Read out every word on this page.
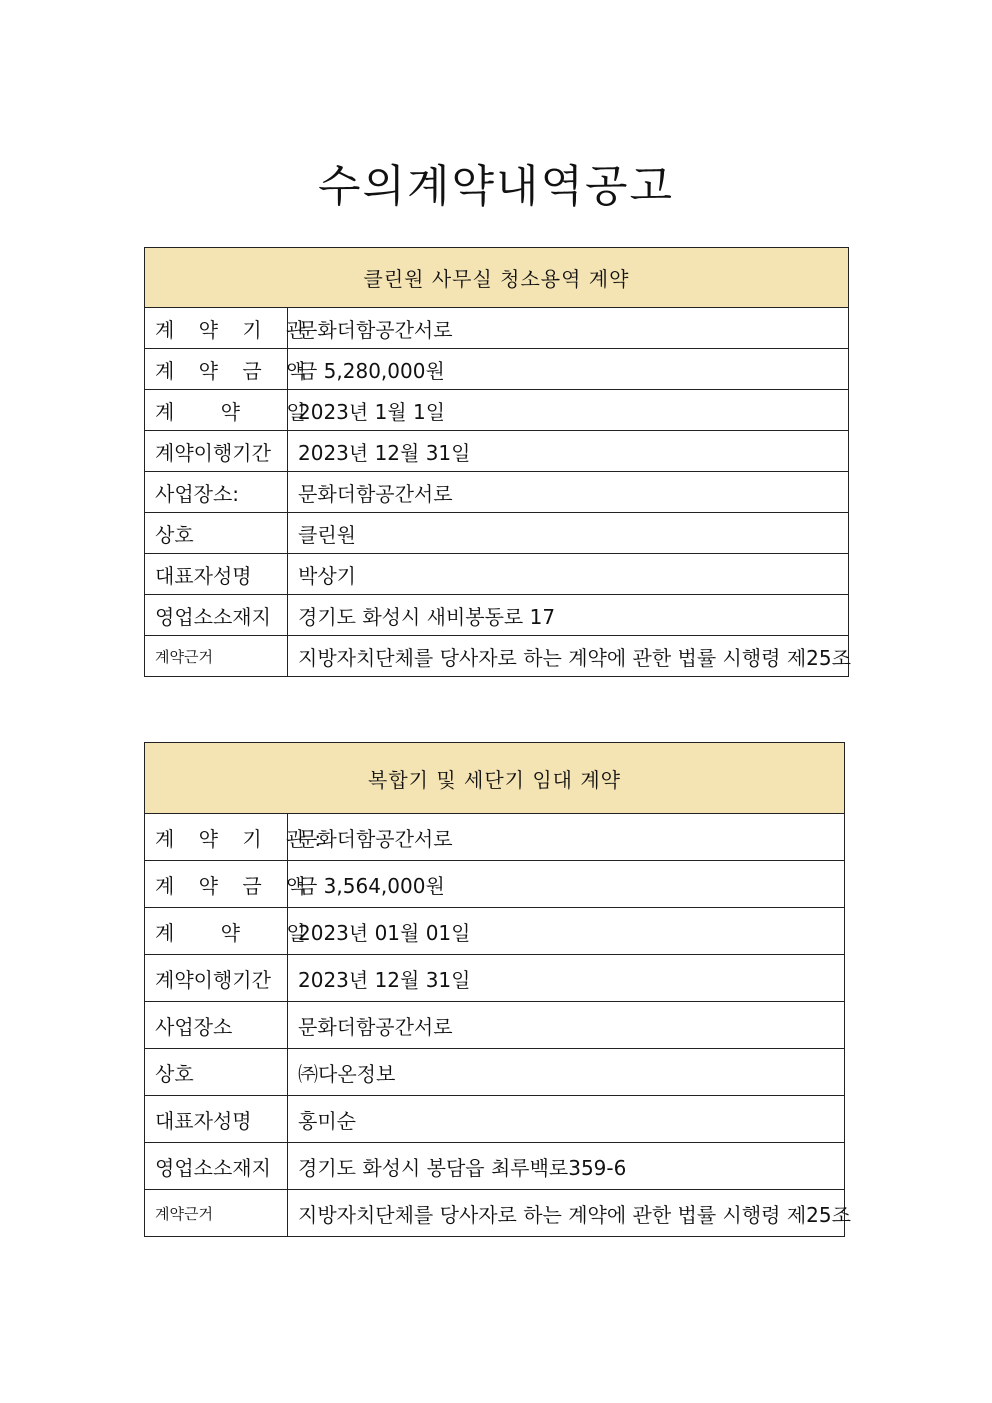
수의계약내역공고
클린원 사무실 청소용역 계약	
계 약 기 관	문화더함공간서로
계 약 금 액	금 5,280,000원
계 약 일	2023년 1월 1일
계약이행기간	2023년 12월 31일
사업장소:	문화더함공간서로
상호	클린원
대표자성명	박상기
영업소소재지	경기도 화성시 새비봉동로 17
계약근거	지방자치단체를 당사자로 하는 계약에 관한 법률 시행령 제25조
복합기 및 세단기 임대 계약	
계 약 기 관:	문화더함공간서로
계 약 금 액	금 3,564,000원
계 약 일	2023년 01월 01일
계약이행기간	2023년 12월 31일
사업장소	문화더함공간서로
상호	㈜다온정보
대표자성명	홍미순
영업소소재지	경기도 화성시 봉담읍 최루백로359-6
계약근거	지방자치단체를 당사자로 하는 계약에 관한 법률 시행령 제25조
